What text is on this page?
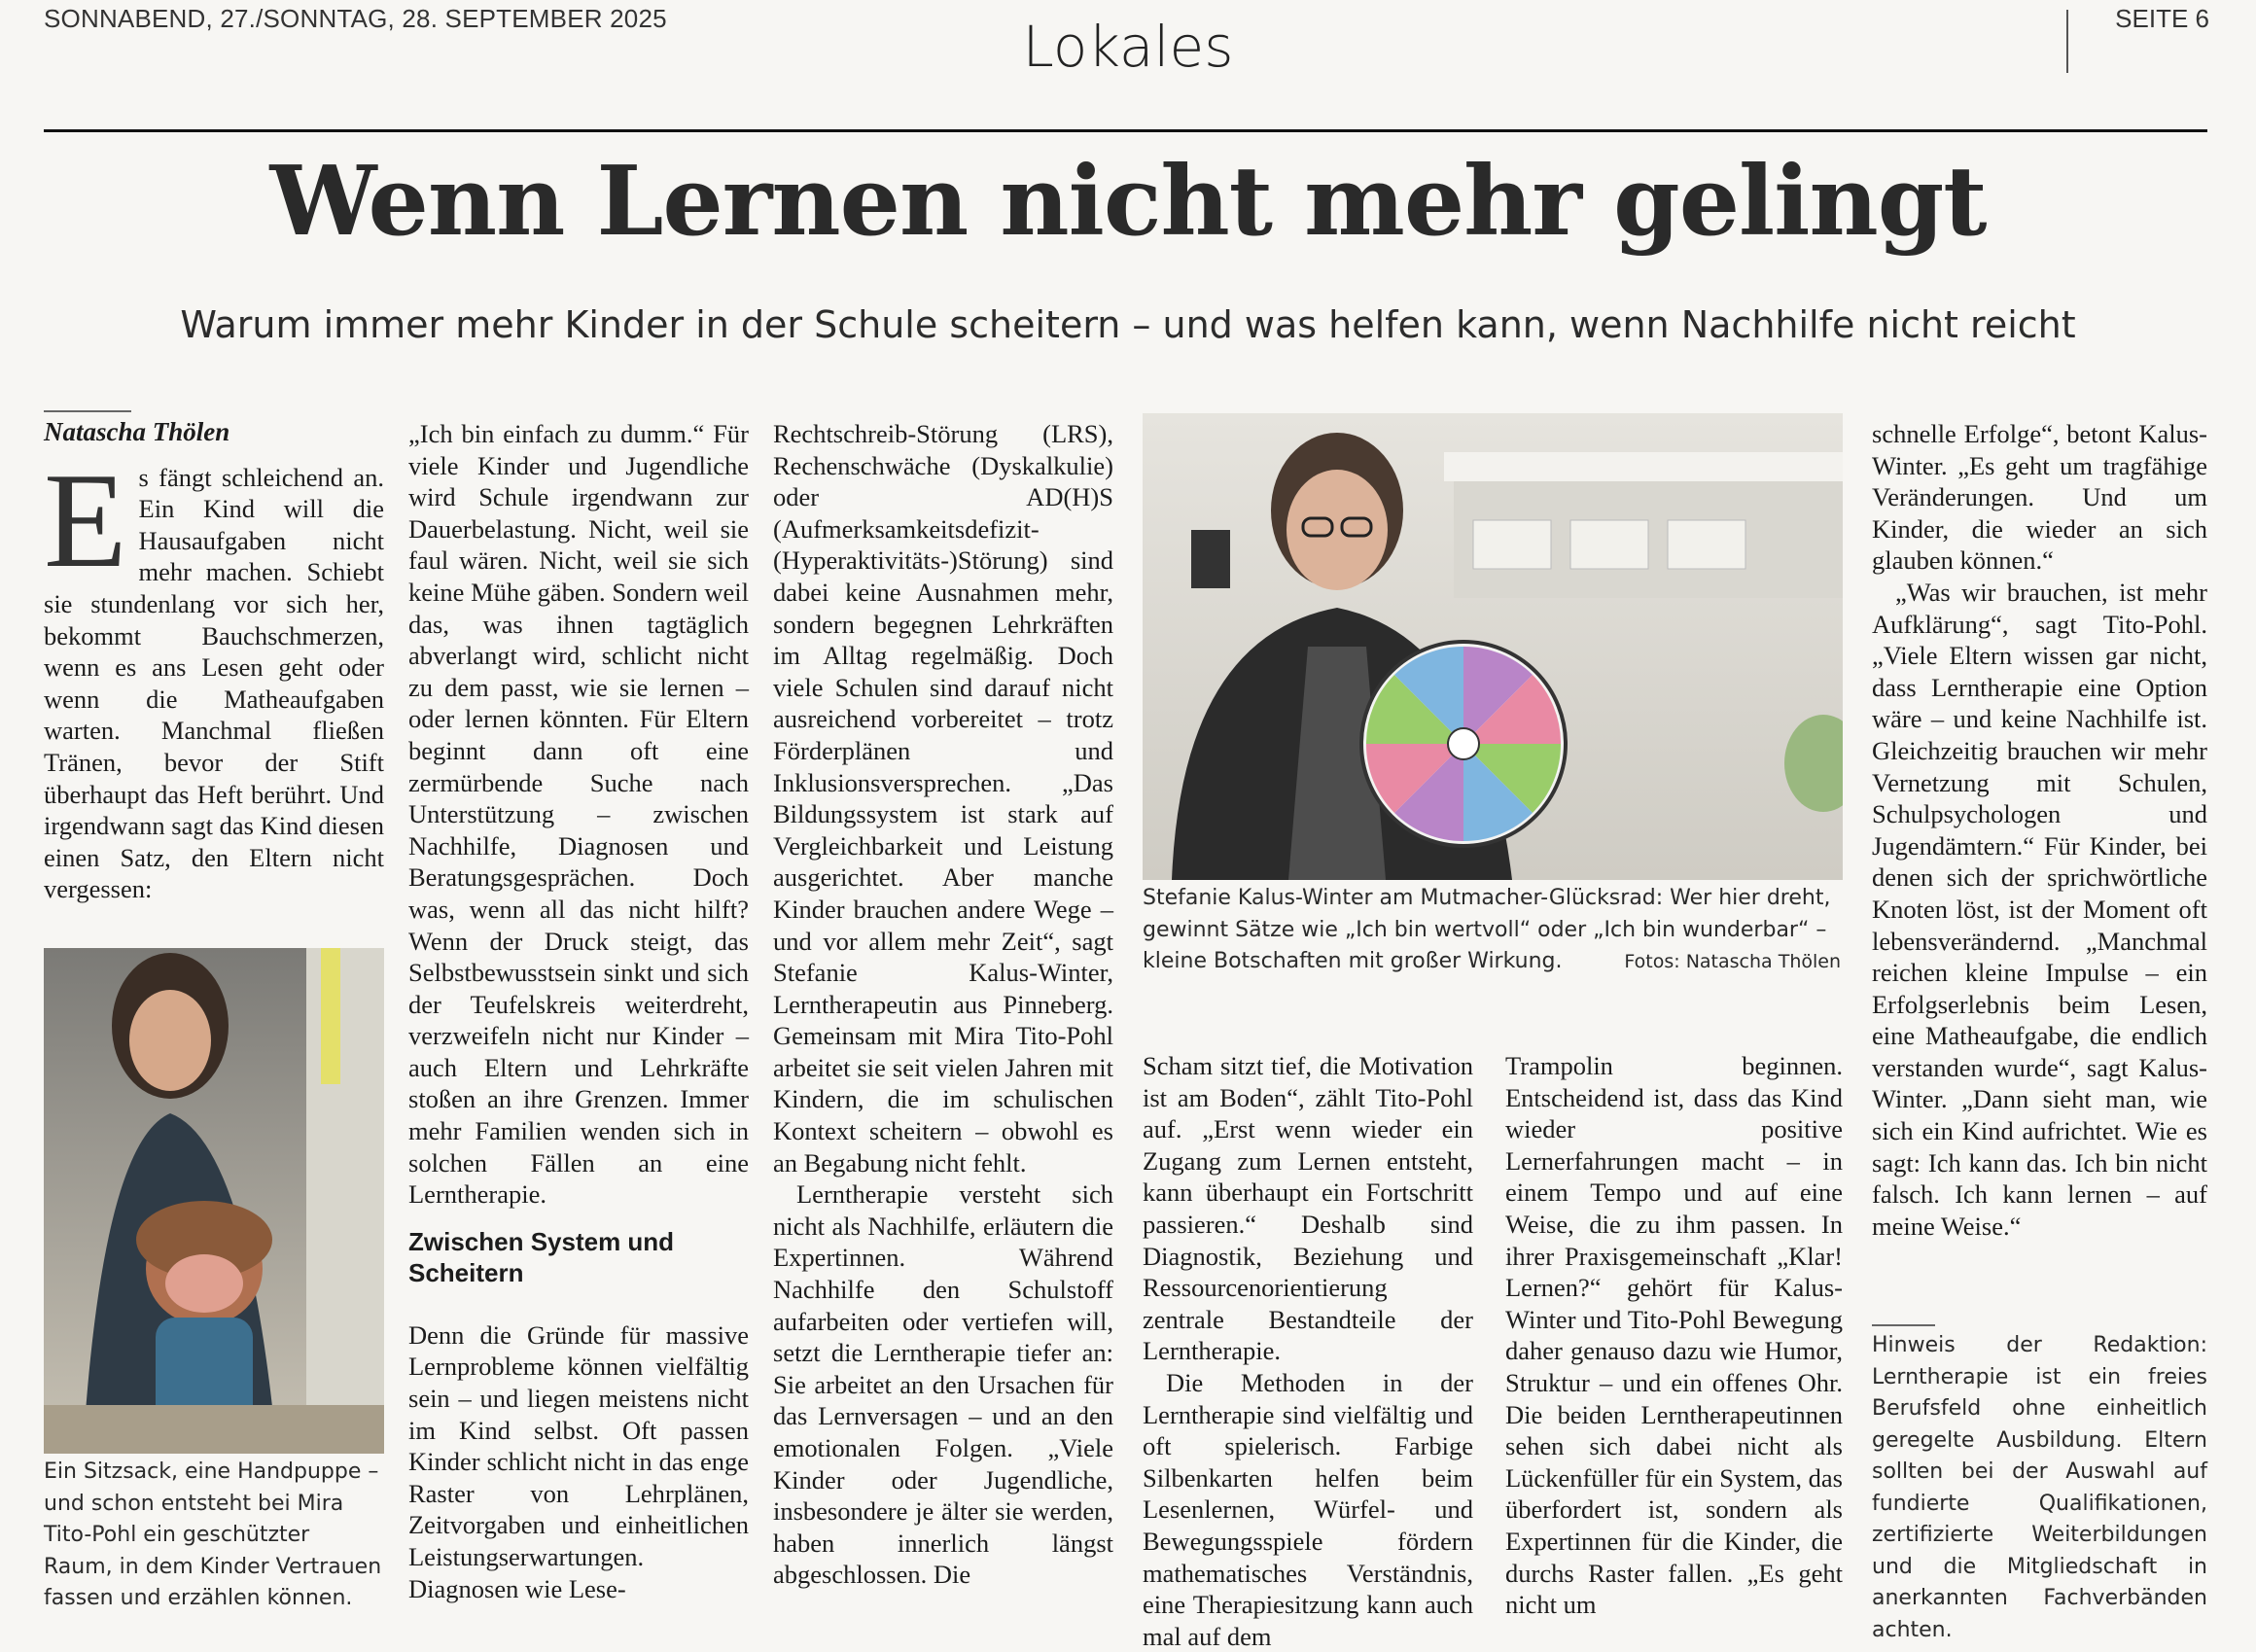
SONNABEND, 27./SONNTAG, 28. SEPTEMBER 2025	Lokales	SEITE 6
Wenn Lernen nicht mehr gelingt
Warum immer mehr Kinder in der Schule scheitern – und was helfen kann, wenn Nachhilfe nicht reicht
Natascha Thölen

Es fängt schleichend an. Ein Kind will die Hausaufgaben nicht mehr machen. Schiebt sie stundenlang vor sich her, bekommt Bauchschmerzen, wenn es ans Lesen geht oder wenn die Matheaufgaben warten. Manchmal fließen Tränen, bevor der Stift überhaupt das Heft berührt. Und irgendwann sagt das Kind diesen einen Satz, den Eltern nicht vergessen:

Ein Sitzsack, eine Handpuppe – und schon entsteht bei Mira Tito-Pohl ein geschützter Raum, in dem Kinder Vertrauen fassen und erzählen können.

„Ich bin einfach zu dumm.“ Für viele Kinder und Jugendliche wird Schule irgendwann zur Dauerbelastung. Nicht, weil sie faul wären. Nicht, weil sie sich keine Mühe gäben. Sondern weil das, was ihnen tagtäglich abverlangt wird, schlicht nicht zu dem passt, wie sie lernen – oder lernen könnten. Für Eltern beginnt dann oft eine zermürbende Suche nach Unterstützung – zwischen Nachhilfe, Diagnosen und Beratungsgesprächen. Doch was, wenn all das nicht hilft? Wenn der Druck steigt, das Selbstbewusstsein sinkt und sich der Teufelskreis weiterdreht, verzweifeln nicht nur Kinder – auch Eltern und Lehrkräfte stoßen an ihre Grenzen. Immer mehr Familien wenden sich in solchen Fällen an eine Lerntherapie.

Zwischen System und Scheitern

Denn die Gründe für massive Lernprobleme können vielfältig sein – und liegen meistens nicht im Kind selbst. Oft passen Kinder schlicht nicht in das enge Raster von Lehrplänen, Zeitvorgaben und einheitlichen Leistungserwartungen. Diagnosen wie Lese-

Rechtschreib-Störung (LRS), Rechenschwäche (Dyskalkulie) oder AD(H)S (Aufmerksamkeitsdefizit-(Hyperaktivitäts-)Störung) sind dabei keine Ausnahmen mehr, sondern begegnen Lehrkräften im Alltag regelmäßig. Doch viele Schulen sind darauf nicht ausreichend vorbereitet – trotz Förderplänen und Inklusionsversprechen. „Das Bildungssystem ist stark auf Vergleichbarkeit und Leistung ausgerichtet. Aber manche Kinder brauchen andere Wege – und vor allem mehr Zeit“, sagt Stefanie Kalus-Winter, Lerntherapeutin aus Pinneberg. Gemeinsam mit Mira Tito-Pohl arbeitet sie seit vielen Jahren mit Kindern, die im schulischen Kontext scheitern – obwohl es an Begabung nicht fehlt.

Lerntherapie versteht sich nicht als Nachhilfe, erläutern die Expertinnen. Während Nachhilfe den Schulstoff aufarbeiten oder vertiefen will, setzt die Lerntherapie tiefer an: Sie arbeitet an den Ursachen für das Lernversagen – und an den emotionalen Folgen. „Viele Kinder oder Jugendliche, insbesondere je älter sie werden, haben innerlich längst abgeschlossen. Die

Stefanie Kalus-Winter am Mutmacher-Glücksrad: Wer hier dreht, gewinnt Sätze wie „Ich bin wertvoll“ oder „Ich bin wunderbar“ – kleine Botschaften mit großer Wirkung.	Fotos: Natascha Thölen

Scham sitzt tief, die Motivation ist am Boden“, zählt Tito-Pohl auf. „Erst wenn wieder ein Zugang zum Lernen entsteht, kann überhaupt ein Fortschritt passieren.“ Deshalb sind Diagnostik, Beziehung und Ressourcenorientierung zentrale Bestandteile der Lerntherapie.

Die Methoden in der Lerntherapie sind vielfältig und oft spielerisch. Farbige Silbenkarten helfen beim Lesenlernen, Würfel- und Bewegungsspiele fördern mathematisches Verständnis, eine Therapiesitzung kann auch mal auf dem

Trampolin beginnen. Entscheidend ist, dass das Kind wieder positive Lernerfahrungen macht – in einem Tempo und auf eine Weise, die zu ihm passen. In ihrer Praxisgemeinschaft „Klar! Lernen?“ gehört für Kalus-Winter und Tito-Pohl Bewegung daher genauso dazu wie Humor, Struktur – und ein offenes Ohr. Die beiden Lerntherapeutinnen sehen sich dabei nicht als Lückenfüller für ein System, das überfordert ist, sondern als Expertinnen für die Kinder, die durchs Raster fallen. „Es geht nicht um

schnelle Erfolge“, betont Kalus-Winter. „Es geht um tragfähige Veränderungen. Und um Kinder, die wieder an sich glauben können.“

„Was wir brauchen, ist mehr Aufklärung“, sagt Tito-Pohl. „Viele Eltern wissen gar nicht, dass Lerntherapie eine Option wäre – und keine Nachhilfe ist. Gleichzeitig brauchen wir mehr Vernetzung mit Schulen, Schulpsychologen und Jugendämtern.“ Für Kinder, bei denen sich der sprichwörtliche Knoten löst, ist der Moment oft lebensverändernd. „Manchmal reichen kleine Impulse – ein Erfolgserlebnis beim Lesen, eine Matheaufgabe, die endlich verstanden wurde“, sagt Kalus-Winter. „Dann sieht man, wie sich ein Kind aufrichtet. Wie es sagt: Ich kann das. Ich bin nicht falsch. Ich kann lernen – auf meine Weise.“

Hinweis der Redaktion: Lerntherapie ist ein freies Berufsfeld ohne einheitlich geregelte Ausbildung. Eltern sollten bei der Auswahl auf fundierte Qualifikationen, zertifizierte Weiterbildungen und die Mitgliedschaft in anerkannten Fachverbänden achten.
